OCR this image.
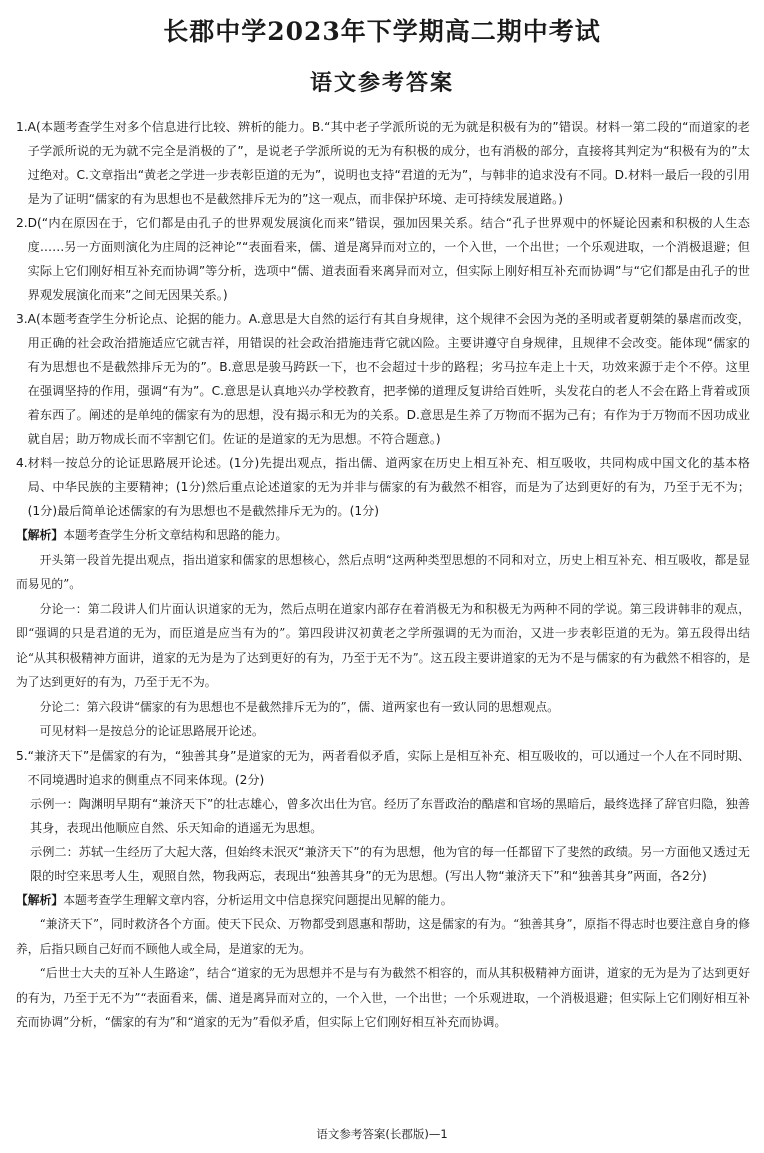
长郡中学2023年下学期高二期中考试
语文参考答案
1. A(本题考查学生对多个信息进行比较、辨析的能力。B.“其中老子学派所说的无为就是积极有为的”错误。材料一第二段的“而道家的老子学派所说的无为就不完全是消极的了”，是说老子学派所说的无为有积极的成分，也有消极的部分，直接将其判定为“积极有为的”太过绝对。C.文章指出“黄老之学进一步表彰臣道的无为”，说明也支持“君道的无为”，与韩非的追求没有不同。D.材料一最后一段的引用是为了证明“儒家的有为思想也不是截然排斥无为的”这一观点，而非保护环境、走可持续发展道路。)
2. D(“内在原因在于，它们都是由孔子的世界观发展演化而来”错误，强加因果关系。结合“孔子世界观中的怀疑论因素和积极的人生态度……另一方面则演化为庄周的泛神论”“表面看来，儒、道是离异而对立的，一个入世，一个出世；一个乐观进取，一个消极退避；但实际上它们刚好相互补充而协调”等分析，选项中“儒、道表面看来离异而对立，但实际上刚好相互补充而协调”与“它们都是由孔子的世界观发展演化而来”之间无因果关系。)
3. A(本题考查学生分析论点、论据的能力。A.意思是大自然的运行有其自身规律，这个规律不会因为尧的圣明或者夏朝桀的暴虐而改变，用正确的社会政治措施适应它就吉祥，用错误的社会政治措施违背它就凶险。主要讲遵守自身规律，且规律不会改变。能体现“儒家的有为思想也不是截然排斥无为的”。B.意思是骏马跨跃一下，也不会超过十步的路程；劣马拉车走上十天，功效来源于走个不停。这里在强调坚持的作用，强调“有为”。C.意思是认真地兴办学校教育，把孝悌的道理反复讲给百姓听，头发花白的老人不会在路上背着或顶着东西了。阐述的是单纯的儒家有为的思想，没有揭示和无为的关系。D.意思是生养了万物而不据为己有；有作为于万物而不因功成业就自居；助万物成长而不宰割它们。佐证的是道家的无为思想。不符合题意。)
4. 材料一按总分的论证思路展开论述。(1分)先提出观点，指出儒、道两家在历史上相互补充、相互吸收，共同构成中国文化的基本格局、中华民族的主要精神；(1分)然后重点论述道家的无为并非与儒家的有为截然不相容，而是为了达到更好的有为，乃至于无不为；(1分)最后简单论述儒家的有为思想也不是截然排斥无为的。(1分)

【解析】本题考查学生分析文章结构和思路的能力。

开头第一段首先提出观点，指出道家和儒家的思想核心，然后点明“这两种类型思想的不同和对立，历史上相互补充、相互吸收，都是显而易见的”。

分论一：第二段讲人们片面认识道家的无为，然后点明在道家内部存在着消极无为和积极无为两种不同的学说。第三段讲韩非的观点，即“强调的只是君道的无为，而臣道是应当有为的”。第四段讲汉初黄老之学所强调的无为而治，又进一步表彰臣道的无为。第五段得出结论“从其积极精神方面讲，道家的无为是为了达到更好的有为，乃至于无不为”。这五段主要讲道家的无为不是与儒家的有为截然不相容的，是为了达到更好的有为，乃至于无不为。

分论二：第六段讲“儒家的有为思想也不是截然排斥无为的”，儒、道两家也有一致认同的思想观点。

可见材料一是按总分的论证思路展开论述。

5. “兼济天下”是儒家的有为，“独善其身”是道家的无为，两者看似矛盾，实际上是相互补充、相互吸收的，可以通过一个人在不同时期、不同境遇时追求的侧重点不同来体现。(2分)

示例一：陶渊明早期有“兼济天下”的壮志雄心，曾多次出仕为官。经历了东晋政治的酷虐和官场的黑暗后，最终选择了辞官归隐，独善其身，表现出他顺应自然、乐天知命的逍遥无为思想。

示例二：苏轼一生经历了大起大落，但始终未泯灭“兼济天下”的有为思想，他为官的每一任都留下了斐然的政绩。另一方面他又透过无限的时空来思考人生，观照自然，物我两忘，表现出“独善其身”的无为思想。(写出人物“兼济天下”和“独善其身”两面，各2分)

【解析】本题考查学生理解文章内容，分析运用文中信息探究问题提出见解的能力。

“兼济天下”，同时救济各个方面。使天下民众、万物都受到恩惠和帮助，这是儒家的有为。“独善其身”，原指不得志时也要注意自身的修养，后指只顾自己好而不顾他人或全局，是道家的无为。

“后世士大夫的互补人生路途”，结合“道家的无为思想并不是与有为截然不相容的，而从其积极精神方面讲，道家的无为是为了达到更好的有为，乃至于无不为”“表面看来，儒、道是离异而对立的，一个入世，一个出世；一个乐观进取，一个消极退避；但实际上它们刚好相互补充而协调”分析，“儒家的有为”和“道家的无为”看似矛盾，但实际上它们刚好相互补充而协调。

语文参考答案(长郡版)—1
